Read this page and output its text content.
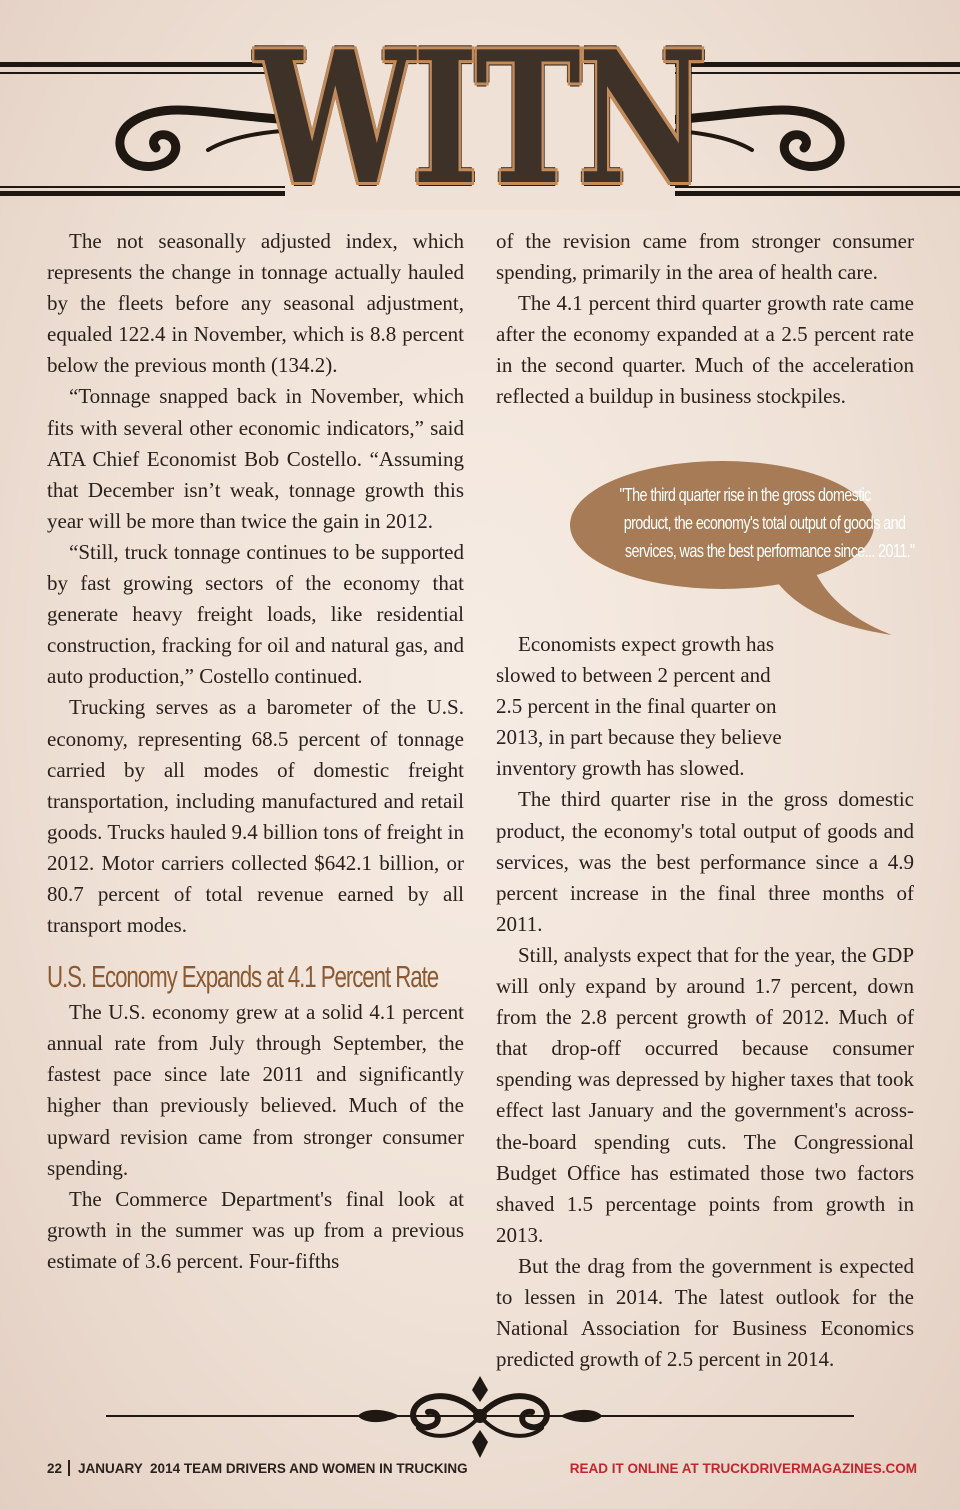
WITN

The not seasonally adjusted index, which represents the change in tonnage actually hauled by the fleets before any seasonal adjustment, equaled 122.4 in November, which is 8.8 percent below the previous month (134.2).

“Tonnage snapped back in November, which fits with several other economic indicators,” said ATA Chief Economist Bob Costello. “Assuming that December isn’t weak, tonnage growth this year will be more than twice the gain in 2012.

“Still, truck tonnage continues to be supported by fast growing sectors of the economy that generate heavy freight loads, like residential construction, fracking for oil and natural gas, and auto production,” Costello continued.

Trucking serves as a barometer of the U.S. economy, representing 68.5 percent of tonnage carried by all modes of domestic freight transportation, including manufactured and retail goods. Trucks hauled 9.4 billion tons of freight in 2012. Motor carriers collected $642.1 billion, or 80.7 percent of total revenue earned by all transport modes.

U.S. Economy Expands at 4.1 Percent Rate

The U.S. economy grew at a solid 4.1 percent annual rate from July through September, the fastest pace since late 2011 and significantly higher than previously believed. Much of the upward revision came from stronger consumer spending.

The Commerce Department's final look at growth in the summer was up from a previous estimate of 3.6 percent. Four-fifths

of the revision came from stronger consumer spending, primarily in the area of health care.

The 4.1 percent third quarter growth rate came after the economy expanded at a 2.5 percent rate in the second quarter. Much of the acceleration reflected a buildup in business stockpiles.

"The third quarter rise in the gross domestic
product, the economy's total output of goods and
services, was the best performance since... 2011."

Economists expect growth has slowed to between 2 percent and 2.5 percent in the final quarter on 2013, in part because they believe inventory growth has slowed.

The third quarter rise in the gross domestic product, the economy's total output of goods and services, was the best performance since a 4.9 percent increase in the final three months of 2011.

Still, analysts expect that for the year, the GDP will only expand by around 1.7 percent, down from the 2.8 percent growth of 2012. Much of that drop-off occurred because consumer spending was depressed by higher taxes that took effect last January and the government's across-the-board spending cuts. The Congressional Budget Office has estimated those two factors shaved 1.5 percentage points from growth in 2013.

But the drag from the government is expected to lessen in 2014. The latest outlook for the National Association for Business Economics predicted growth of 2.5 percent in 2014.

22 JANUARY  2014 TEAM DRIVERS AND WOMEN IN TRUCKING	READ IT ONLINE AT TRUCKDRIVERMAGAZINES.COM
